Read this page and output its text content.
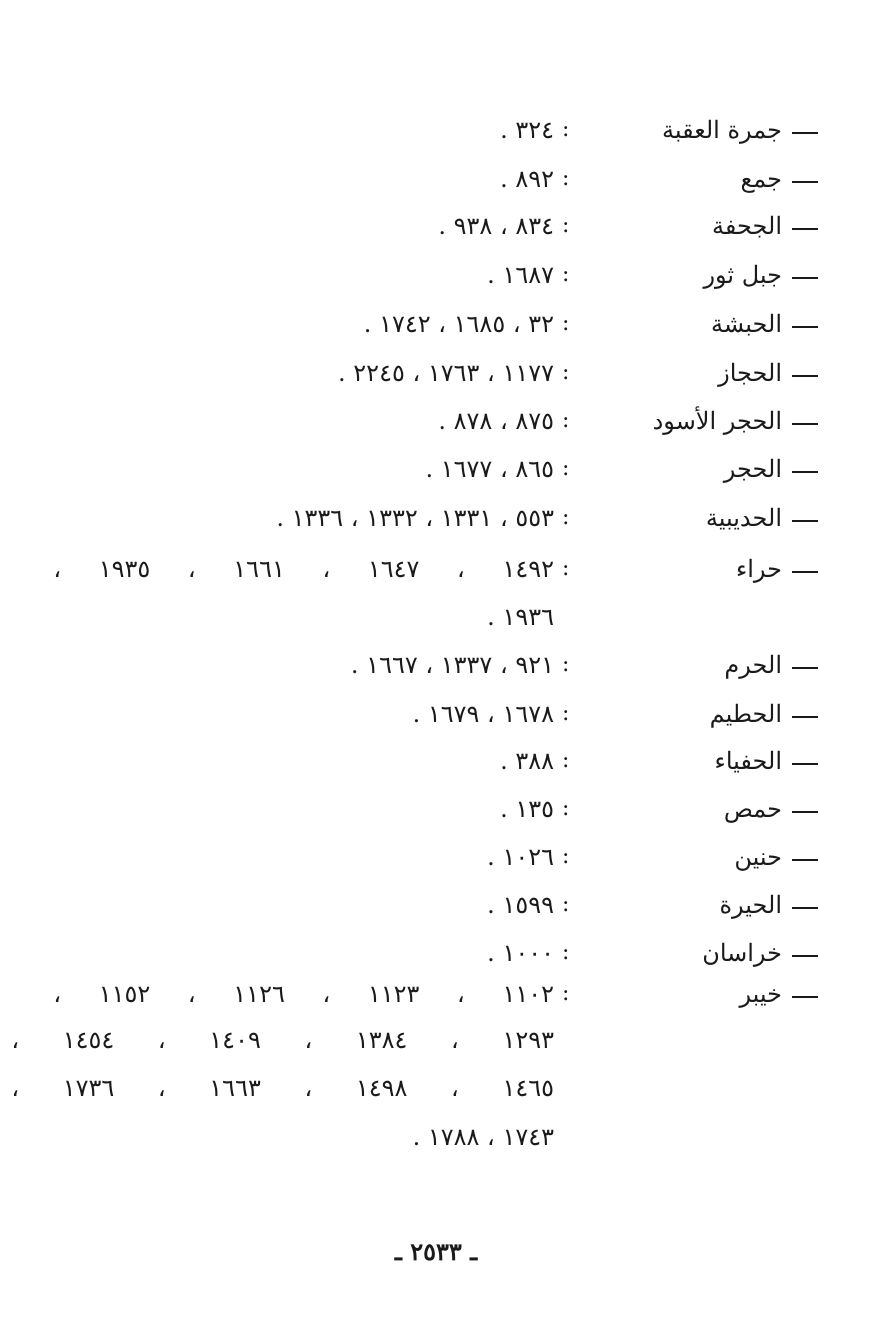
جمرة العقبة
:
٣٢٤ .
جمع
:
٨٩٢ .
الجحفة
:
٨٣٤ ، ٩٣٨ .
جبل ثور
:
١٦٨٧ .
الحبشة
:
٣٢ ، ١٦٨٥ ، ١٧٤٢ .
الحجاز
:
١١٧٧ ، ١٧٦٣ ، ٢٢٤٥ .
الحجر الأسود
:
٨٧٥ ، ٨٧٨ .
الحجر
:
٨٦٥ ، ١٦٧٧ .
الحديبية
:
٥٥٣ ، ١٣٣١ ، ١٣٣٢ ، ١٣٣٦ .
حراء
:
١٤٩٢ ، ١٦٤٧ ، ١٦٦١ ، ١٩٣٥ ،
١٩٣٦ .
الحرم
:
٩٢١ ، ١٣٣٧ ، ١٦٦٧ .
الحطيم
:
١٦٧٨ ، ١٦٧٩ .
الحفياء
:
٣٨٨ .
حمص
:
١٣٥ .
حنين
:
١٠٢٦ .
الحيرة
:
١٥٩٩ .
خراسان
:
١٠٠٠ .
خيبر
:
١١٠٢ ، ١١٢٣ ، ١١٢٦ ، ١١٥٢ ،
١٢٩٣ ، ١٣٨٤ ، ١٤٠٩ ، ١٤٥٤ ،
١٤٦٥ ، ١٤٩٨ ، ١٦٦٣ ، ١٧٣٦ ،
١٧٤٣ ، ١٧٨٨ .
ـ ٢٥٣٣ ـ
